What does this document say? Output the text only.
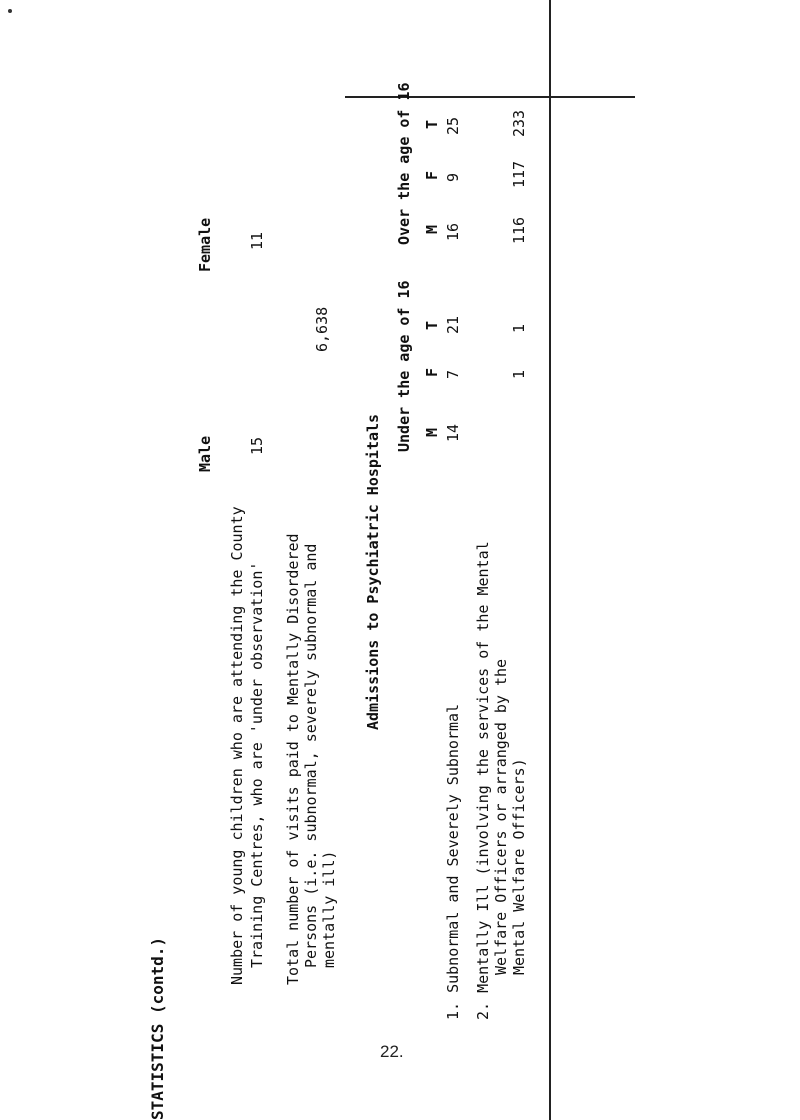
STATISTICS (contd.)
Male
Female
Number of young children who are attending the County Training Centres, who are 'under observation'
15
11
Total number of visits paid to Mentally Disordered Persons (i.e. subnormal, severely subnormal and mentally ill)
6,638
Admissions to Psychiatric Hospitals
Under the age of 16
Over the age of 16
M
F
T
M
F
T
1. Subnormal and Severely Subnormal
14
7
21
16
9
25
2. Mentally Ill (involving the services of the Mental Welfare Officers or arranged by the Mental Welfare Officers)
1
1
116
117
233
22.
